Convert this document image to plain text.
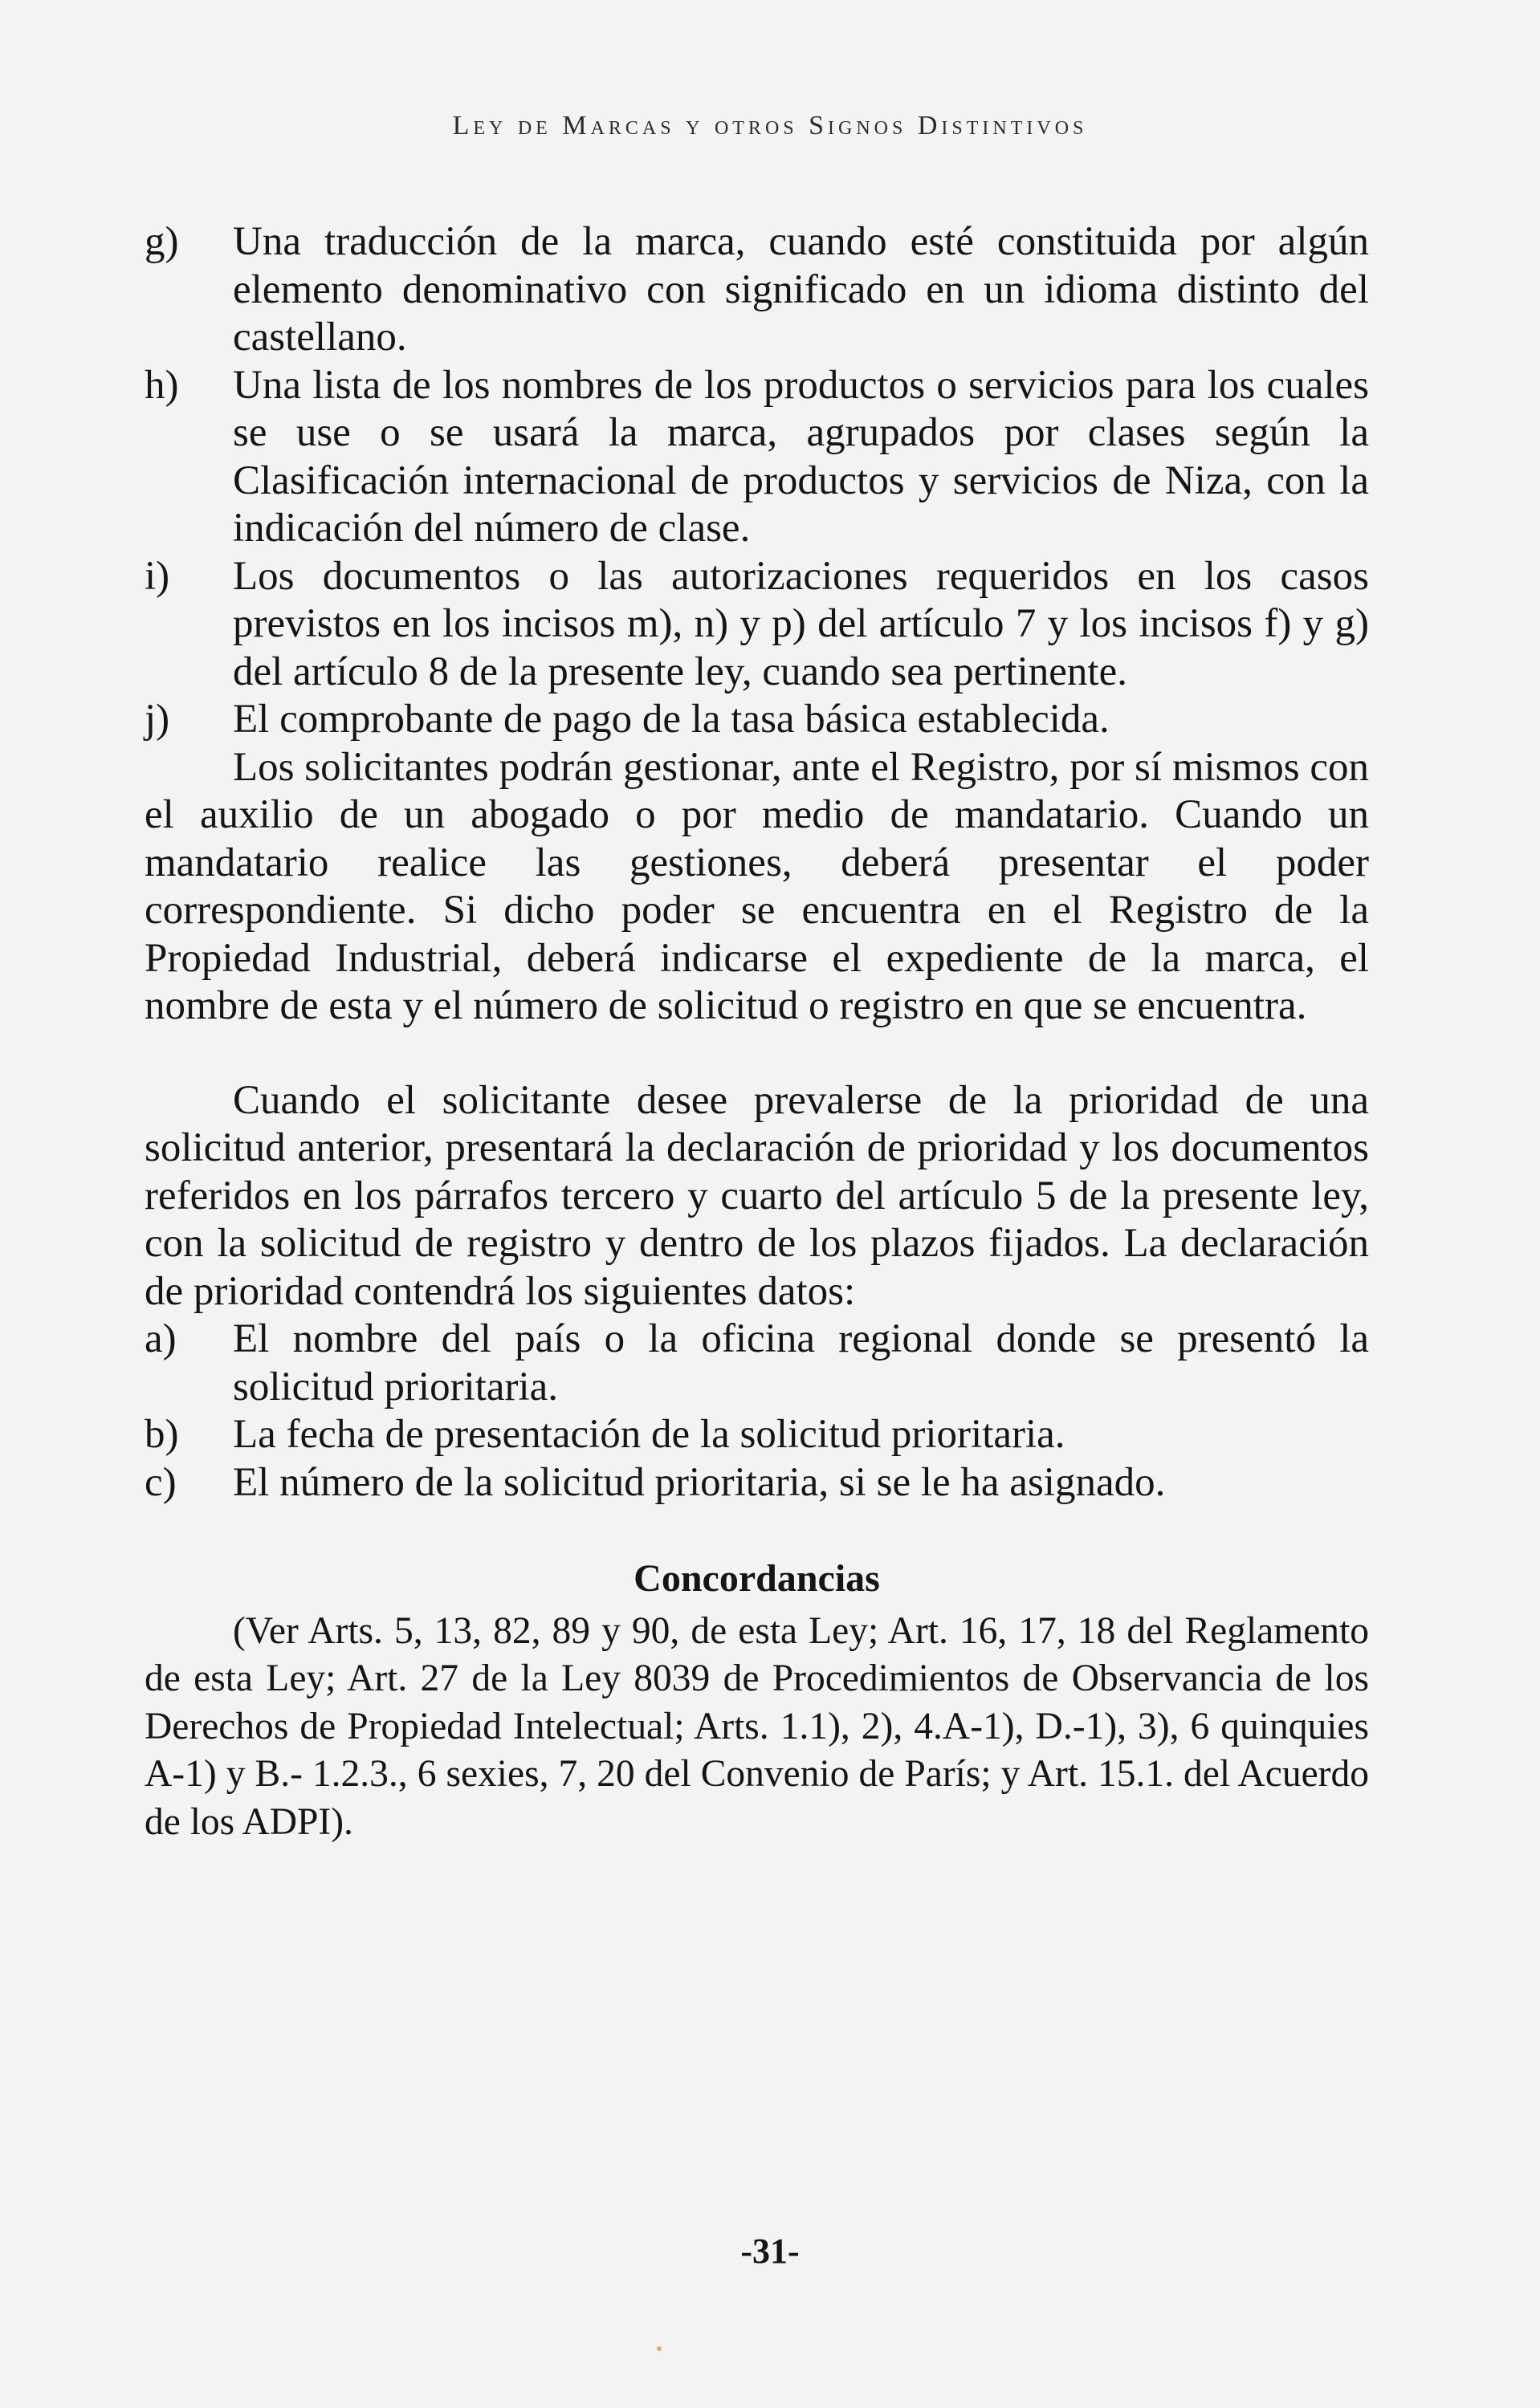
Ley de Marcas y otros Signos Distintivos
g) Una traducción de la marca, cuando esté constituida por algún elemento denominativo con significado en un idioma distinto del castellano.
h) Una lista de los nombres de los productos o servicios para los cuales se use o se usará la marca, agrupados por clases según la Clasificación internacional de productos y servicios de Niza, con la indicación del número de clase.
i) Los documentos o las autorizaciones requeridos en los casos previstos en los incisos m), n) y p) del artículo 7 y los incisos f) y g) del artículo 8 de la presente ley, cuando sea pertinente.
j) El comprobante de pago de la tasa básica establecida.

Los solicitantes podrán gestionar, ante el Registro, por sí mismos con el auxilio de un abogado o por medio de mandatario. Cuando un mandatario realice las gestiones, deberá presentar el poder correspondiente. Si dicho poder se encuentra en el Registro de la Propiedad Industrial, deberá indicarse el expediente de la marca, el nombre de esta y el número de solicitud o registro en que se encuentra.

Cuando el solicitante desee prevalerse de la prioridad de una solicitud anterior, presentará la declaración de prioridad y los documentos referidos en los párrafos tercero y cuarto del artículo 5 de la presente ley, con la solicitud de registro y dentro de los plazos fijados. La declaración de prioridad contendrá los siguientes datos:

a) El nombre del país o la oficina regional donde se presentó la solicitud prioritaria.
b) La fecha de presentación de la solicitud prioritaria.
c) El número de la solicitud prioritaria, si se le ha asignado.
Concordancias

(Ver Arts. 5, 13, 82, 89 y 90, de esta Ley; Art. 16, 17, 18 del Reglamento de esta Ley; Art. 27 de la Ley 8039 de Procedimientos de Observancia de los Derechos de Propiedad Intelectual; Arts. 1.1), 2), 4.A-1), D.-1), 3), 6 quinquies A-1) y B.- 1.2.3., 6 sexies, 7, 20 del Convenio de París; y Art. 15.1. del Acuerdo de los ADPI).

-31-
